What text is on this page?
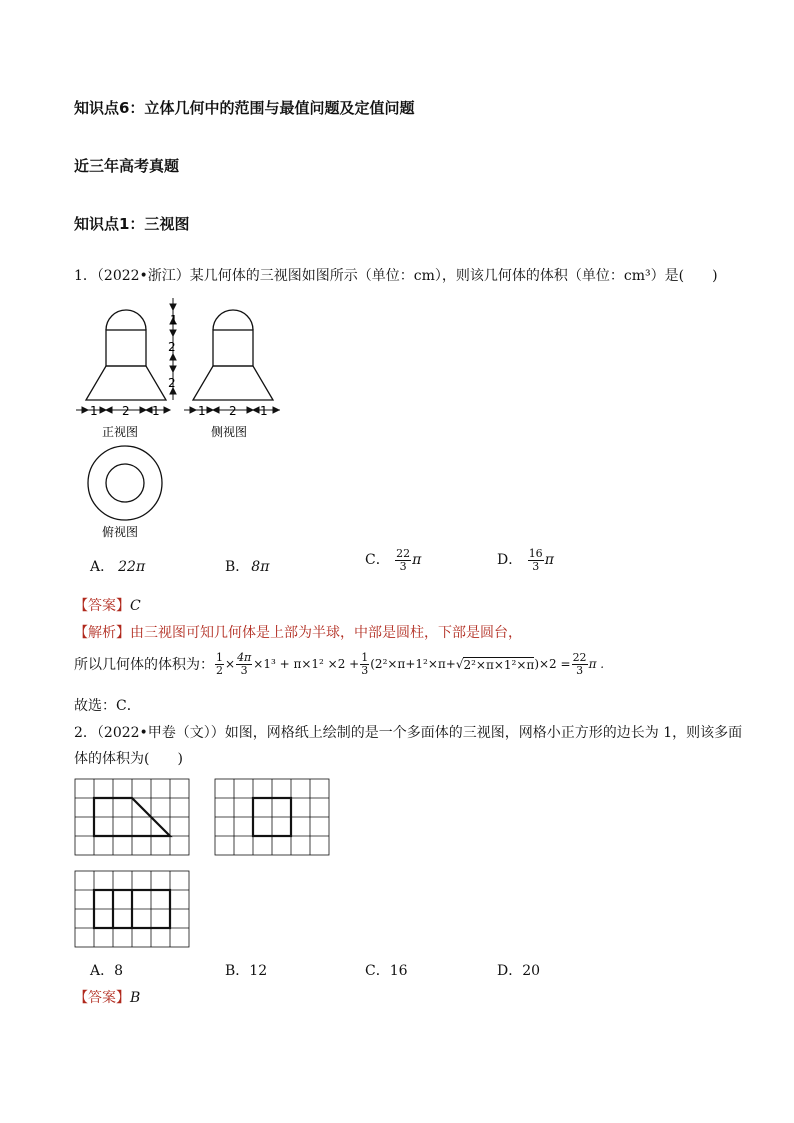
知识点6：立体几何中的范围与最值问题及定值问题
近三年高考真题
知识点1：三视图
1．（2022•浙江）某几何体的三视图如图所示（单位：cm），则该几何体的体积（单位：cm³）是(　　)
1
2
2
1 2 1	1 2 1
正视图	侧视图
俯视图
A． 22π	B． 8π	C． $\frac{22}{3}$ π	D． $\frac{16}{3}$ π
【答案】C
【解析】由三视图可知几何体是上部为半球，中部是圆柱，下部是圆台，
所以几何体的体积为： $\frac{1}{2} \times \frac{4\pi}{3} \times 1^3 + \pi\times 1^2 \times 2 + \frac{1}{3} (2^2\times\pi+1^2\times\pi+$ √ 2²×π×1²×π )$\times 2 = \frac{22}{3}$ π .
故选：C．
2．（2022•甲卷（文））如图，网格纸上绘制的是一个多面体的三视图，网格小正方形的边长为 1，则该多面
体的体积为(　　)
A．8	B．12	C．16	D．20
【答案】B
